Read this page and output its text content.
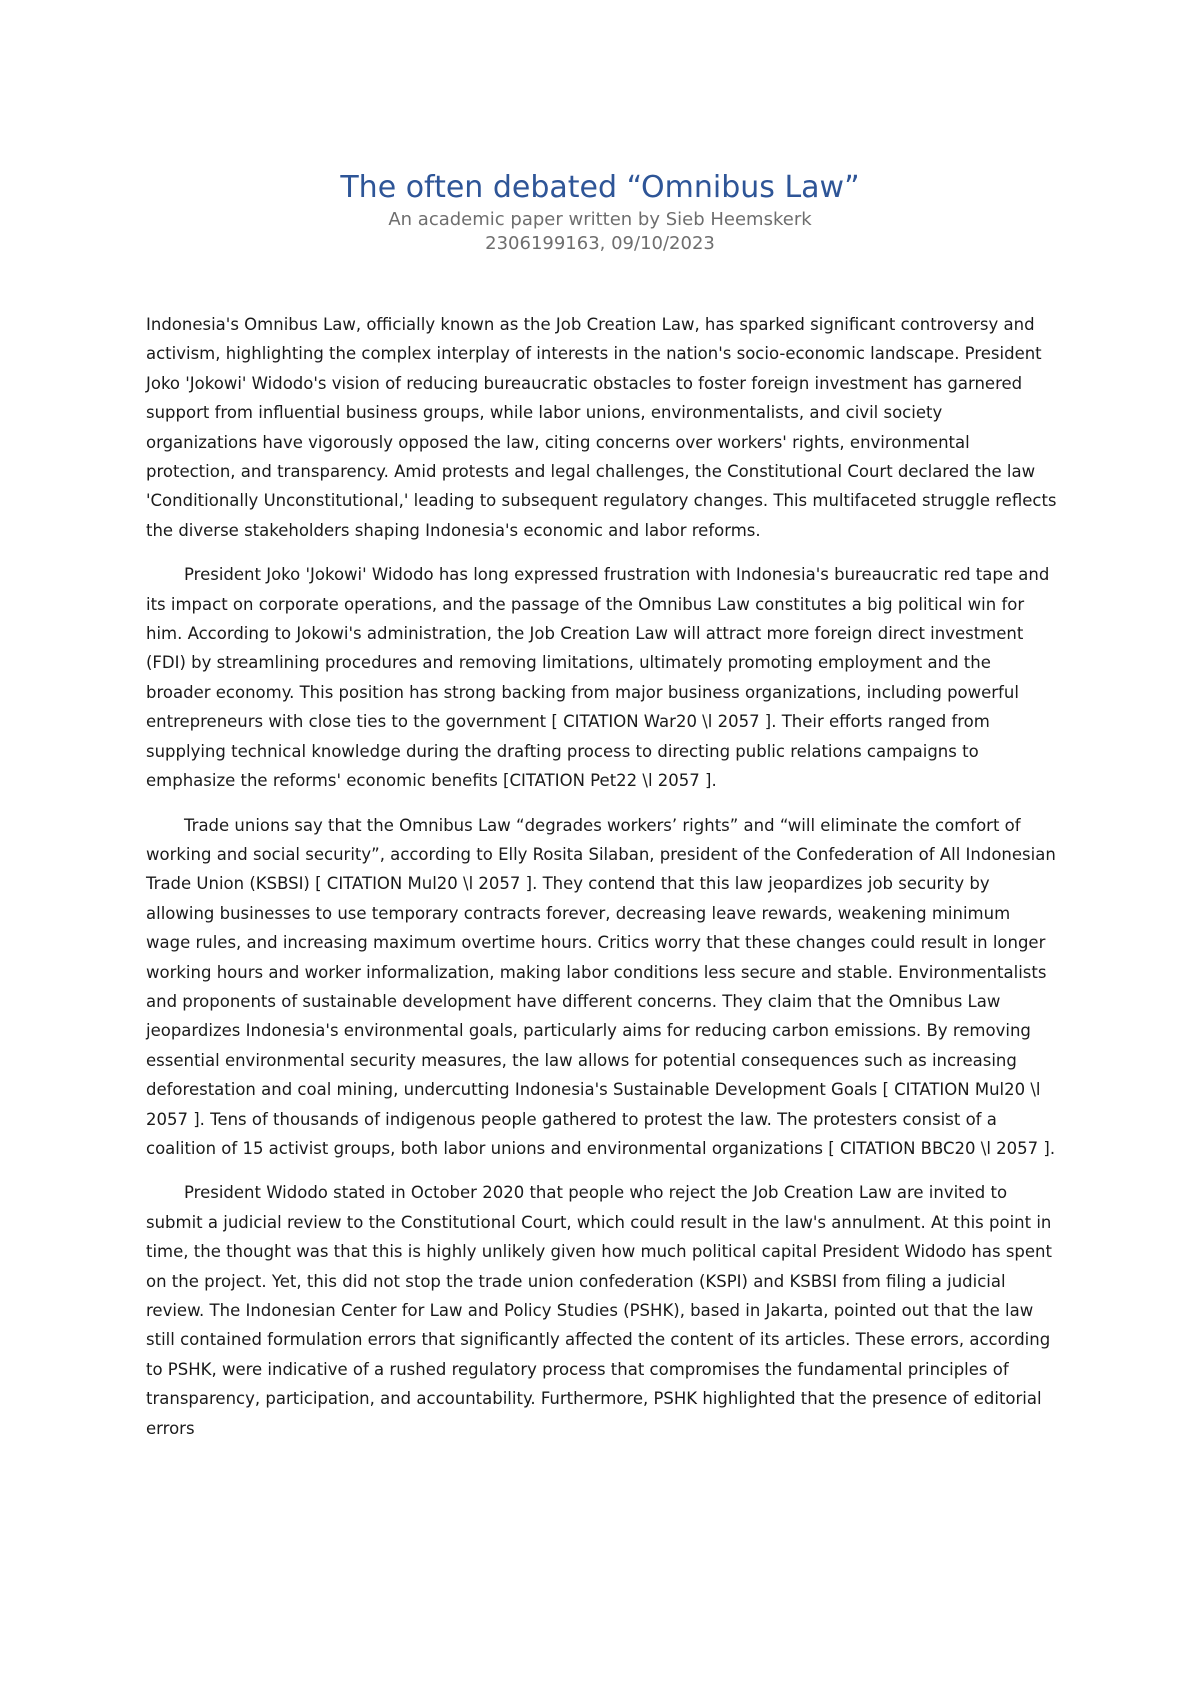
The often debated “Omnibus Law”

An academic paper written by Sieb Heemskerk

2306199163, 09/10/2023

Indonesia's Omnibus Law, officially known as the Job Creation Law, has sparked significant controversy and activism, highlighting the complex interplay of interests in the nation's socio-economic landscape. President Joko 'Jokowi' Widodo's vision of reducing bureaucratic obstacles to foster foreign investment has garnered support from influential business groups, while labor unions, environmentalists, and civil society organizations have vigorously opposed the law, citing concerns over workers' rights, environmental protection, and transparency. Amid protests and legal challenges, the Constitutional Court declared the law 'Conditionally Unconstitutional,' leading to subsequent regulatory changes. This multifaceted struggle reflects the diverse stakeholders shaping Indonesia's economic and labor reforms.

President Joko 'Jokowi' Widodo has long expressed frustration with Indonesia's bureaucratic red tape and its impact on corporate operations, and the passage of the Omnibus Law constitutes a big political win for him. According to Jokowi's administration, the Job Creation Law will attract more foreign direct investment (FDI) by streamlining procedures and removing limitations, ultimately promoting employment and the broader economy. This position has strong backing from major business organizations, including powerful entrepreneurs with close ties to the government [ CITATION War20 \l 2057 ]. Their efforts ranged from supplying technical knowledge during the drafting process to directing public relations campaigns to emphasize the reforms' economic benefits [CITATION Pet22 \l 2057 ].

Trade unions say that the Omnibus Law “degrades workers’ rights” and “will eliminate the comfort of working and social security”, according to Elly Rosita Silaban, president of the Confederation of All Indonesian Trade Union (KSBSI) [ CITATION Mul20 \l 2057 ]. They contend that this law jeopardizes job security by allowing businesses to use temporary contracts forever, decreasing leave rewards, weakening minimum wage rules, and increasing maximum overtime hours. Critics worry that these changes could result in longer working hours and worker informalization, making labor conditions less secure and stable. Environmentalists and proponents of sustainable development have different concerns. They claim that the Omnibus Law jeopardizes Indonesia's environmental goals, particularly aims for reducing carbon emissions. By removing essential environmental security measures, the law allows for potential consequences such as increasing deforestation and coal mining, undercutting Indonesia's Sustainable Development Goals [ CITATION Mul20 \l 2057 ]. Tens of thousands of indigenous people gathered to protest the law. The protesters consist of a coalition of 15 activist groups, both labor unions and environmental organizations [ CITATION BBC20 \l 2057 ].

President Widodo stated in October 2020 that people who reject the Job Creation Law are invited to submit a judicial review to the Constitutional Court, which could result in the law's annulment. At this point in time, the thought was that this is highly unlikely given how much political capital President Widodo has spent on the project. Yet, this did not stop the trade union confederation (KSPI) and KSBSI from filing a judicial review. The Indonesian Center for Law and Policy Studies (PSHK), based in Jakarta, pointed out that the law still contained formulation errors that significantly affected the content of its articles. These errors, according to PSHK, were indicative of a rushed regulatory process that compromises the fundamental principles of transparency, participation, and accountability. Furthermore, PSHK highlighted that the presence of editorial errors
